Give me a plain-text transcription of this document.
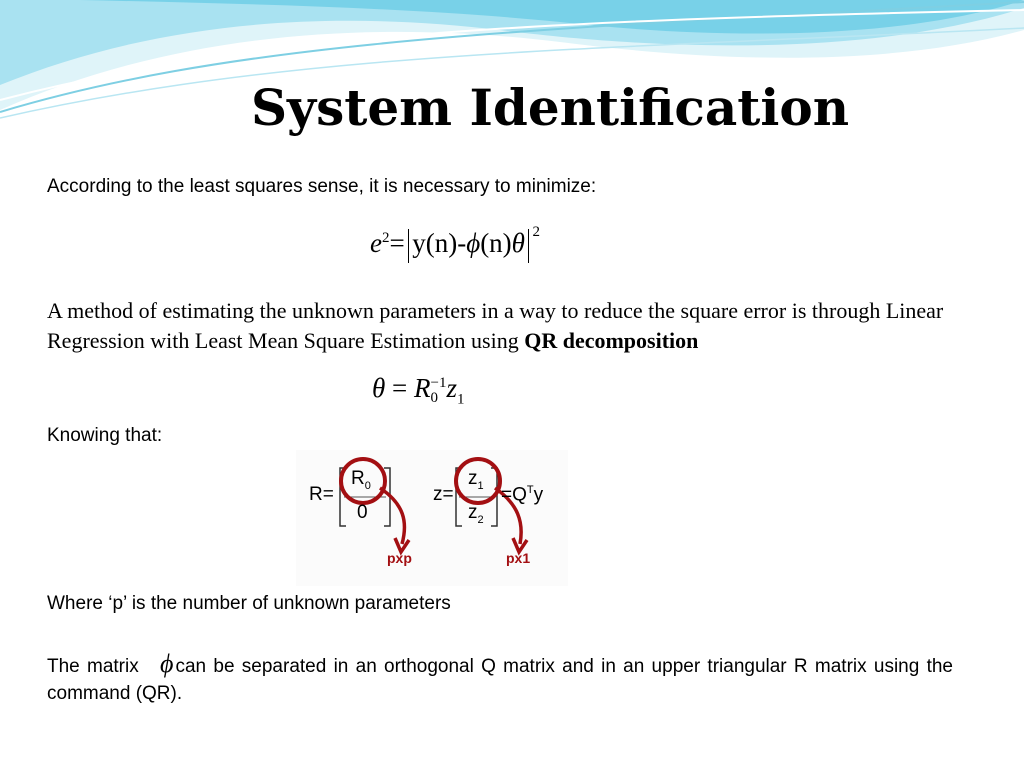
System Identification
According to the least squares sense, it is necessary to minimize:
$e^2= y(n)-\phi(n)\theta$ $^2$
A method of estimating the unknown parameters in a way to reduce the square error is through Linear Regression with Least Mean Square Estimation using QR decomposition
θ = R −1
0 $z_1$
Knowing that:
R=
$R_0$
0
z=
$z_1$
$z_2$
$=Q^Ty$
pxp	px1
Where ‘p’ is the number of unknown parameters
The matrix ϕ can be separated in an orthogonal Q matrix and in an upper triangular R matrix using the command (QR).
